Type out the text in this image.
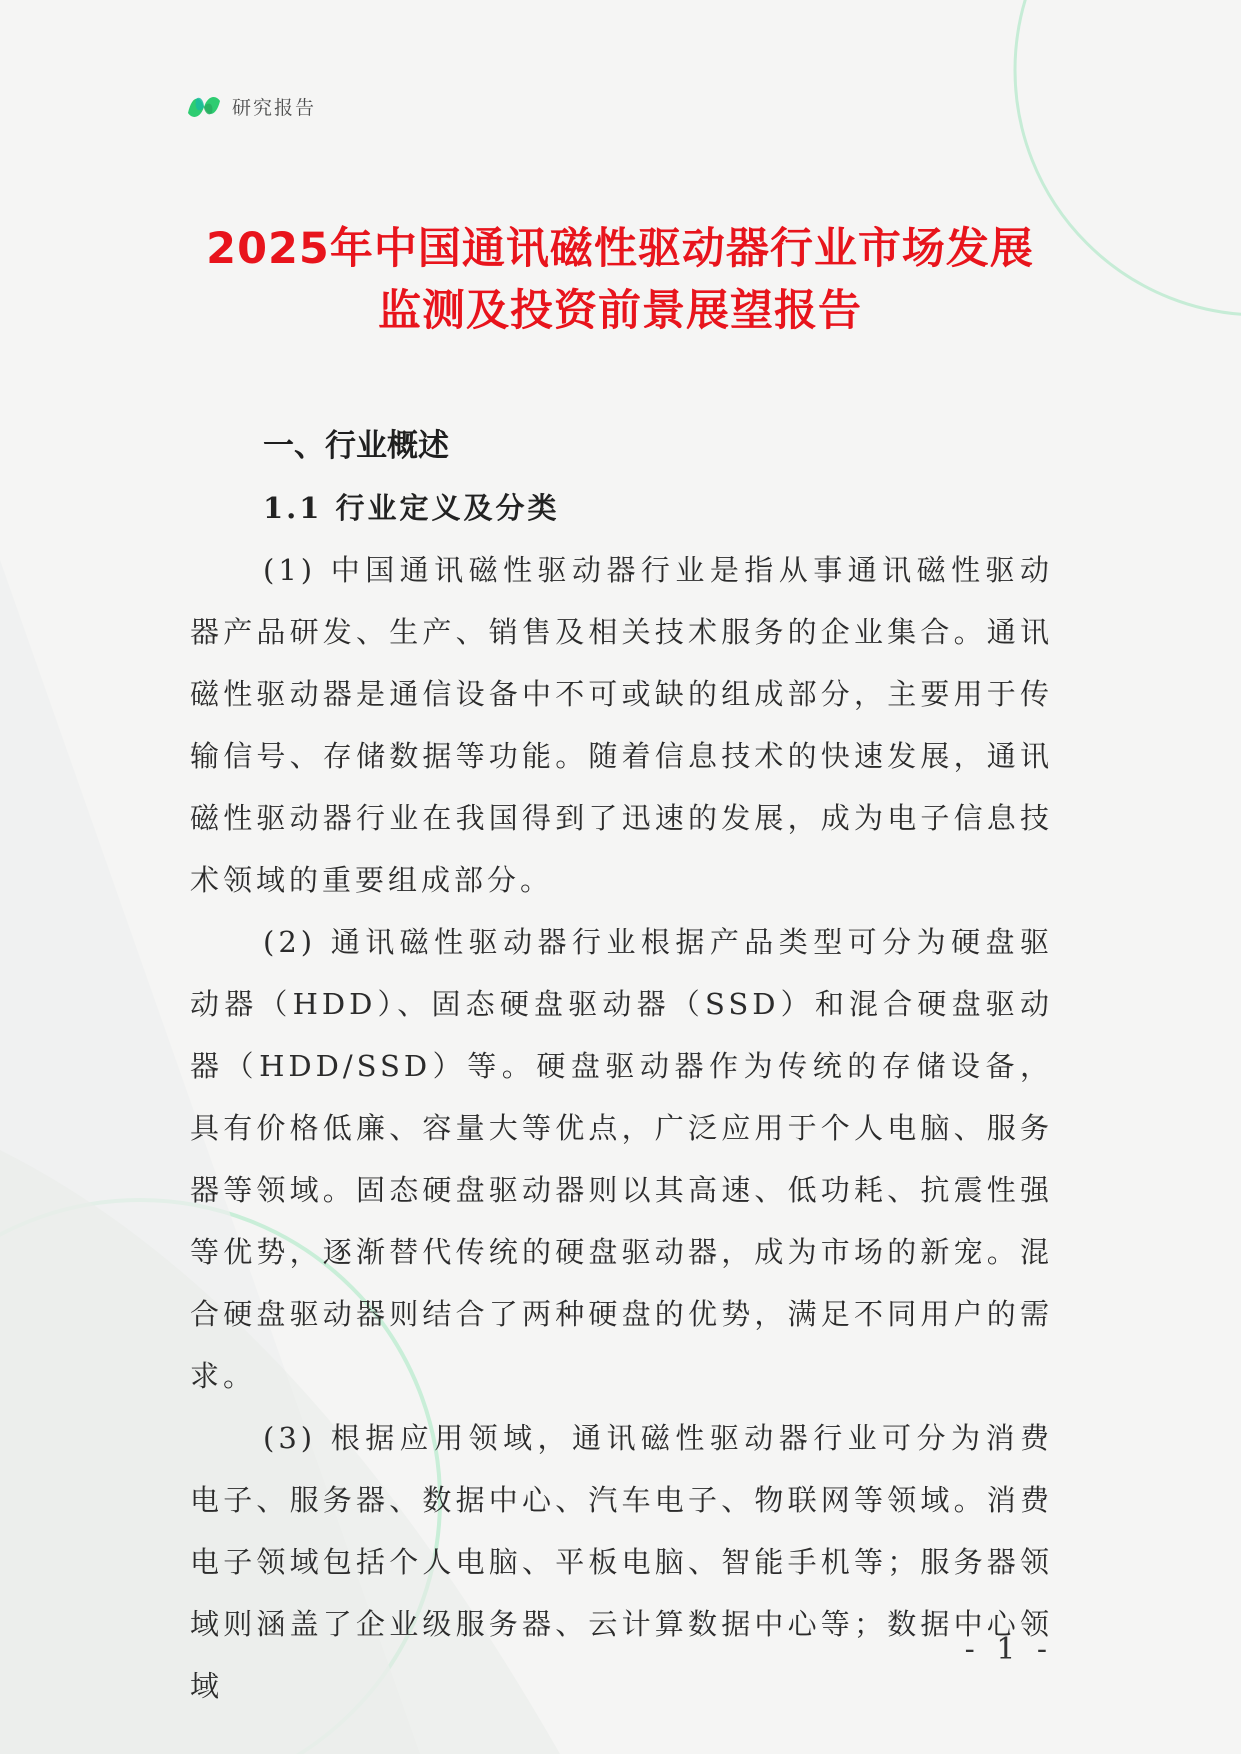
研究报告
2025年中国通讯磁性驱动器行业市场发展
监测及投资前景展望报告
一、行业概述
1.1 行业定义及分类

(1) 中国通讯磁性驱动器行业是指从事通讯磁性驱动器产品研发、生产、销售及相关技术服务的企业集合。通讯磁性驱动器是通信设备中不可或缺的组成部分，主要用于传输信号、存储数据等功能。随着信息技术的快速发展，通讯磁性驱动器行业在我国得到了迅速的发展，成为电子信息技术领域的重要组成部分。

(2) 通讯磁性驱动器行业根据产品类型可分为硬盘驱动器（HDD）、固态硬盘驱动器（SSD）和混合硬盘驱动器（HDD/SSD）等。硬盘驱动器作为传统的存储设备，具有价格低廉、容量大等优点，广泛应用于个人电脑、服务器等领域。固态硬盘驱动器则以其高速、低功耗、抗震性强等优势，逐渐替代传统的硬盘驱动器，成为市场的新宠。混合硬盘驱动器则结合了两种硬盘的优势，满足不同用户的需求。

(3) 根据应用领域，通讯磁性驱动器行业可分为消费电子、服务器、数据中心、汽车电子、物联网等领域。消费电子领域包括个人电脑、平板电脑、智能手机等；服务器领域则涵盖了企业级服务器、云计算数据中心等；数据中心领域

- 1 -
